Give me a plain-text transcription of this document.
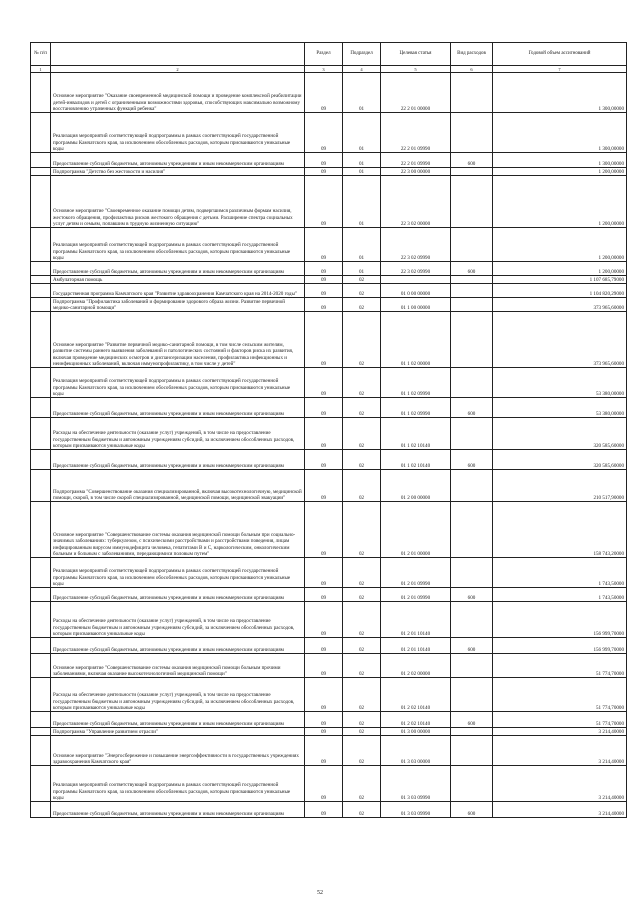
№ п/п		Раздел	Подраздел	Целевая статья	Вид расходов	Годовой объем ассигнований
1	2	3	4	5	6	7
	Основное мероприятие "Оказание своевременной медицинской помощи и проведение комплексной реабилитации детей-инвалидов и детей с ограниченными возможностями здоровья, способствующих максимально возможному восстановлению утраченных функций ребенка"	09	01	22 2 01 00000		1 300,00000
	Реализация мероприятий соответствующей подпрограммы в рамках соответствующей государственной программы Камчатского края, за исключением обособленных расходов, которым присваиваются уникальные коды	09	01	22 2 01 09990		1 300,00000
	Предоставление субсидий бюджетным, автономным учреждениям и иным некоммерческим организациям	09	01	22 2 01 09990	600	1 300,00000
	Подпрограмма "Детство без жестокости и насилия"	09	01	22 3 00 00000		1 200,00000
	Основное мероприятие "Своевременное оказание помощи детям, подвергшимся различным формам насилия, жестокого обращения, профилактика рисков жестокого обращения с детьми. Расширение спектра социальных услуг детям и семьям, попавшим в трудную жизненную ситуацию"	09	01	22 3 02 00000		1 200,00000
	Реализация мероприятий соответствующей подпрограммы в рамках соответствующей государственной программы Камчатского края, за исключением обособленных расходов, которым присваиваются уникальные коды	09	01	22 3 02 09990		1 200,00000
	Предоставление субсидий бюджетным, автономным учреждениям и иным некоммерческим организациям	09	01	22 3 02 09990	600	1 200,00000
	Амбулаторная помощь	09	02			1 107 685,79000
	Государственная программа Камчатского края "Развитие здравоохранения Камчатского края на 2014-2020 годы"	09	02	01 0 00 00000		1 104 820,29000
	Подпрограмма "Профилактика заболеваний и формирование здорового образа жизни. Развитие первичной медико-санитарной помощи"	09	02	01 1 00 00000		373 965,60000
	Основное мероприятие "Развитие первичной медико-санитарной помощи, в том числе сельским жителям, развитие системы раннего выявления заболеваний и патологических состояний и факторов риска их развития, включая проведение медицинских осмотров и диспансеризации населения, профилактика инфекционных и неинфекционных заболеваний, включая иммунопрофилактику, в том числе у детей"	09	02	01 1 02 00000		373 965,60000
	Реализация мероприятий соответствующей подпрограммы в рамках соответствующей государственной программы Камчатского края, за исключением обособленных расходов, которым присваиваются уникальные коды	09	02	01 1 02 09990		53 380,00000
	Предоставление субсидий бюджетным, автономным учреждениям и иным некоммерческим организациям	09	02	01 1 02 09990	600	53 380,00000
	Расходы на обеспечение деятельности (оказание услуг) учреждений, в том числе на предоставление государственным бюджетным и автономным учреждениям субсидий, за исключением обособленных расходов, которым присваиваются уникальные коды	09	02	01 1 02 10140		320 585,60000
	Предоставление субсидий бюджетным, автономным учреждениям и иным некоммерческим организациям	09	02	01 1 02 10140	600	320 585,60000
	Подпрограмма "Совершенствование оказания специализированной, включая высокотехнологичную, медицинской помощи, скорой, в том числе скорой специализированной, медицинской помощи, медицинской эвакуации"	09	02	01 2 00 00000		210 517,90000
	Основное мероприятие "Совершенствование системы оказания медицинской помощи больным при социально-значимых заболеваниях: туберкулезом, с психическими расстройствами и расстройствами поведения, лицам инфицированным вирусом иммунодефицита человека, гепатитами В и С, наркологическим, онкологическим больным и больным с заболеваниями, передающимися половым путем"	09	02	01 2 01 00000		158 743,20000
	Реализация мероприятий соответствующей подпрограммы в рамках соответствующей государственной программы Камчатского края, за исключением обособленных расходов, которым присваиваются уникальные коды	09	02	01 2 01 09990		1 743,50000
	Предоставление субсидий бюджетным, автономным учреждениям и иным некоммерческим организациям	09	02	01 2 01 09990	600	1 743,50000
	Расходы на обеспечение деятельности (оказание услуг) учреждений, в том числе на предоставление государственным бюджетным и автономным учреждениям субсидий, за исключением обособленных расходов, которым присваиваются уникальные коды	09	02	01 2 01 10140		156 999,70000
	Предоставление субсидий бюджетным, автономным учреждениям и иным некоммерческим организациям	09	02	01 2 01 10140	600	156 999,70000
	Основное мероприятие "Совершенствование системы оказания медицинской помощи больным прочими заболеваниями, включая оказание высокотехнологичной медицинской помощи"	09	02	01 2 02 00000		51 774,70000
	Расходы на обеспечение деятельности (оказание услуг) учреждений, в том числе на предоставление государственным бюджетным и автономным учреждениям субсидий, за исключением обособленных расходов, которым присваиваются уникальные коды	09	02	01 2 02 10140		51 774,70000
	Предоставление субсидий бюджетным, автономным учреждениям и иным некоммерческим организациям	09	02	01 2 02 10140	600	51 774,70000
	Подпрограмма "Управление развитием отрасли"	09	02	01 3 00 00000		3 214,40000
	Основное мероприятие "Энергосбережение и повышение энергоэффективности в государственных учреждениях здравоохранения Камчатского края"	09	02	01 3 03 00000		3 214,40000
	Реализация мероприятий соответствующей подпрограммы в рамках соответствующей государственной программы Камчатского края, за исключением обособленных расходов, которым присваиваются уникальные коды	09	02	01 3 03 09990		3 214,40000
	Предоставление субсидий бюджетным, автономным учреждениям и иным некоммерческим организациям	09	02	01 3 03 09990	600	3 214,40000
52
